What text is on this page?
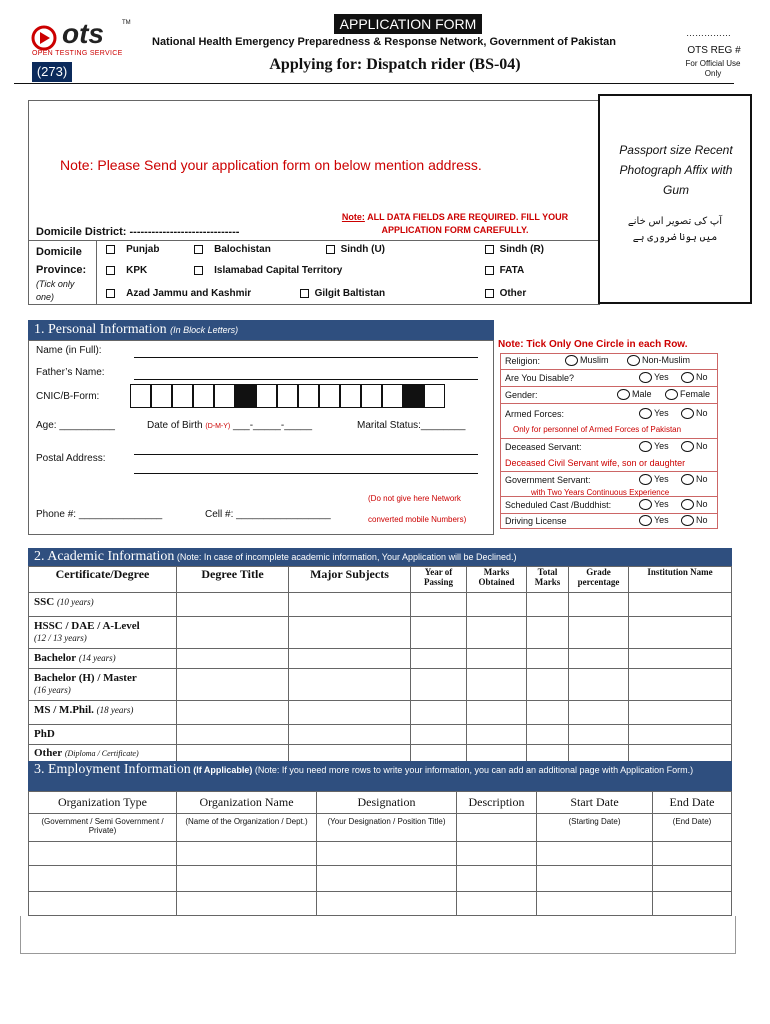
ots	TM
OPEN TESTING SERVICE
(273)
APPLICATION FORM
National Health Emergency Preparedness & Response Network, Government of Pakistan
Applying for: Dispatch rider (BS-04)
……………
OTS REG #
For Official Use Only
Passport size Recent Photograph Affix with Gum
آپ کی تصویر اس خانے
میں ہونا ضروری ہے
Note: Please Send your application form on below mention address.
Domicile District: ------------------------------
Note: ALL DATA FIELDS ARE REQUIRED. FILL YOUR APPLICATION FORM CAREFULLY.
Domicile
Province:
(Tick only one)
Punjab	Balochistan	Sindh (U)	Sindh (R)
KPK	Islamabad Capital Territory	FATA
Azad Jammu and Kashmir	Gilgit Baltistan	Other
1. Personal Information (In Block Letters)
Name (in Full):
Father’s Name:
CNIC/B-Form:
Age: __________	Date of Birth (D-M-Y) ___-_____-_____	Marital Status:________
Postal Address:
(Do not give here Network
converted mobile Numbers)
Phone #: _______________	Cell #: _________________
Note: Tick Only One Circle in each Row.
Religion:	Muslim	Non-Muslim
Are You Disable?	Yes	No
Gender:	Male	Female
Armed Forces:	Yes	No
Only for personnel of Armed Forces of Pakistan
Deceased Servant:	Yes	No
Deceased Civil Servant wife, son or daughter
Government Servant:	Yes	No
with Two Years Continuous Experience
Scheduled Cast /Buddhist:	Yes	No
Driving License	Yes	No
2. Academic Information (Note: In case of incomplete academic information, Your Application will be Declined.)
Certificate/Degree	Degree Title	Major Subjects	Year of Passing	Marks Obtained	Total Marks	Grade percentage	Institution Name
SSC (10 years)							
HSSC / DAE / A-Level
(12 / 13 years)							
Bachelor (14 years)							
Bachelor (H) / Master
(16 years)							
MS / M.Phil. (18 years)							
PhD							
Other (Diploma / Certificate)							
3. Employment Information (If Applicable) (Note: If you need more rows to write your information, you can add an additional page with Application Form.)
Organization Type	Organization Name	Designation	Description	Start Date	End Date
(Government / Semi Government / Private)	(Name of the Organization / Dept.)	(Your Designation / Position Title)		(Starting Date)	(End Date)
